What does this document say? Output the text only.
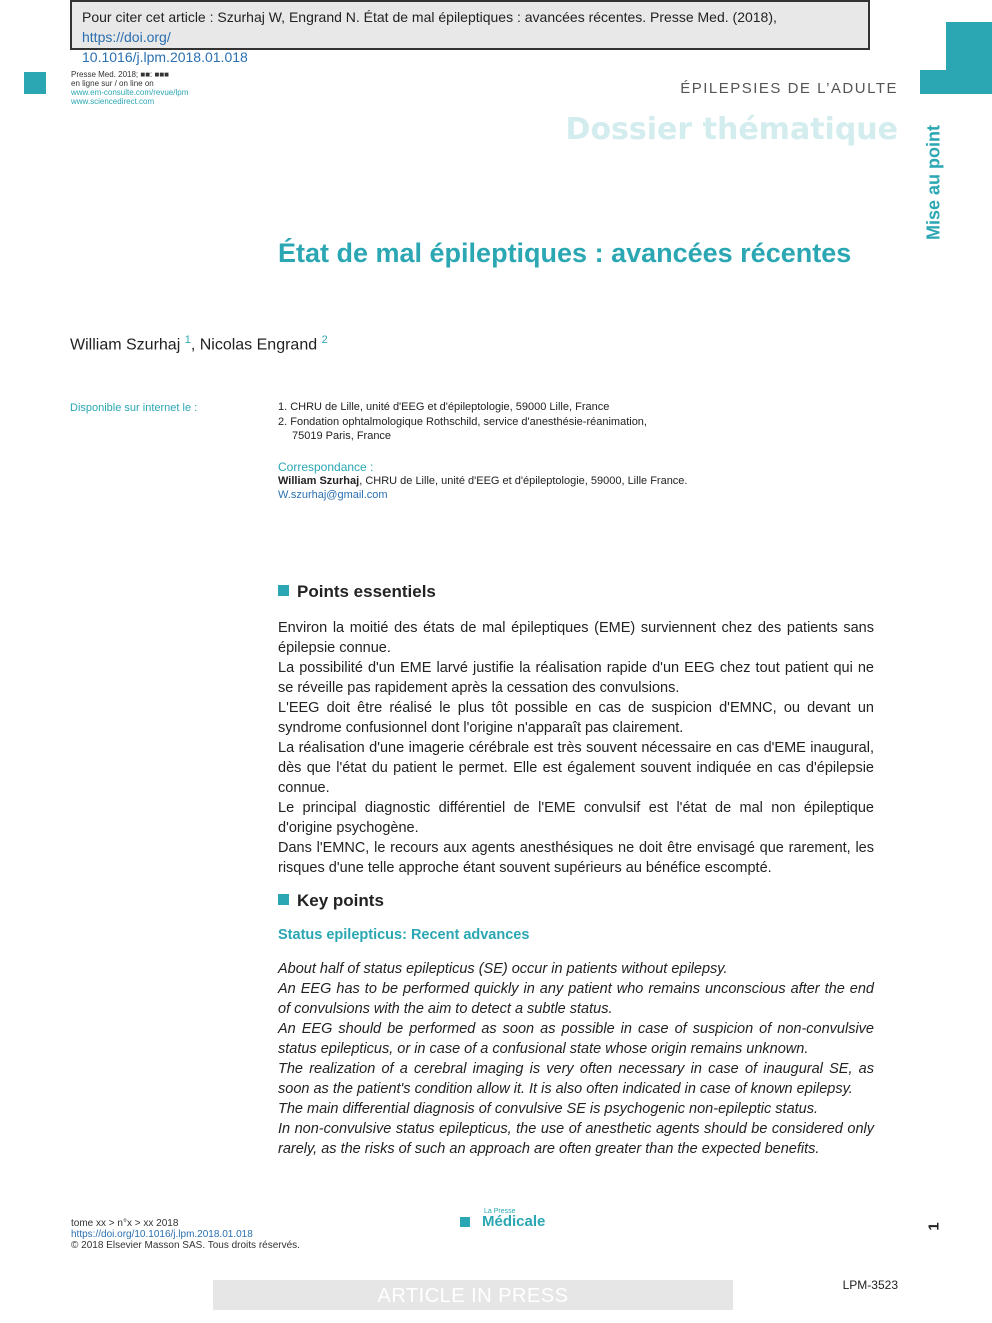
Pour citer cet article : Szurhaj W, Engrand N. État de mal épileptiques : avancées récentes. Presse Med. (2018), https://doi.org/
10.1016/j.lpm.2018.01.018
Presse Med. 2018; ■■: ■■■
en ligne sur / on line on
www.em-consulte.com/revue/lpm
www.sciencedirect.com
ÉPILEPSIES DE L’ADULTE
Dossier thématique Mise au point
État de mal épileptiques : avancées récentes
William Szurhaj $^1$, Nicolas Engrand $^2$
Disponible sur internet le :	1. CHRU de Lille, unité d'EEG et d'épileptologie, 59000 Lille, France
2. Fondation ophtalmologique Rothschild, service d'anesthésie-réanimation,
75019 Paris, France
Correspondance :
William Szurhaj, CHRU de Lille, unité d'EEG et d'épileptologie, 59000, Lille France.
W.szurhaj@gmail.com
Points essentiels

Environ la moitié des états de mal épileptiques (EME) surviennent chez des patients sans épilepsie connue.

La possibilité d'un EME larvé justifie la réalisation rapide d'un EEG chez tout patient qui ne se réveille pas rapidement après la cessation des convulsions.

L'EEG doit être réalisé le plus tôt possible en cas de suspicion d'EMNC, ou devant un syndrome confusionnel dont l'origine n'apparaît pas clairement.

La réalisation d'une imagerie cérébrale est très souvent nécessaire en cas d'EME inaugural, dès que l'état du patient le permet. Elle est également souvent indiquée en cas d'épilepsie connue.

Le principal diagnostic différentiel de l'EME convulsif est l'état de mal non épileptique d'origine psychogène.

Dans l'EMNC, le recours aux agents anesthésiques ne doit être envisagé que rarement, les risques d'une telle approche étant souvent supérieurs au bénéfice escompté.

Key points
Status epilepticus: Recent advances

About half of status epilepticus (SE) occur in patients without epilepsy.

An EEG has to be performed quickly in any patient who remains unconscious after the end of convulsions with the aim to detect a subtle status.

An EEG should be performed as soon as possible in case of suspicion of non-convulsive status epilepticus, or in case of a confusional state whose origin remains unknown.

The realization of a cerebral imaging is very often necessary in case of inaugural SE, as soon as the patient's condition allow it. It is also often indicated in case of known epilepsy.

The main differential diagnosis of convulsive SE is psychogenic non-epileptic status.

In non-convulsive status epilepticus, the use of anesthetic agents should be considered only rarely, as the risks of such an approach are often greater than the expected benefits.

tome xx > n°x > xx 2018
https://doi.org/10.1016/j.lpm.2018.01.018
© 2018 Elsevier Masson SAS. Tous droits réservés.
La Presse
Médicale	1
ARTICLE IN PRESS	LPM-3523
